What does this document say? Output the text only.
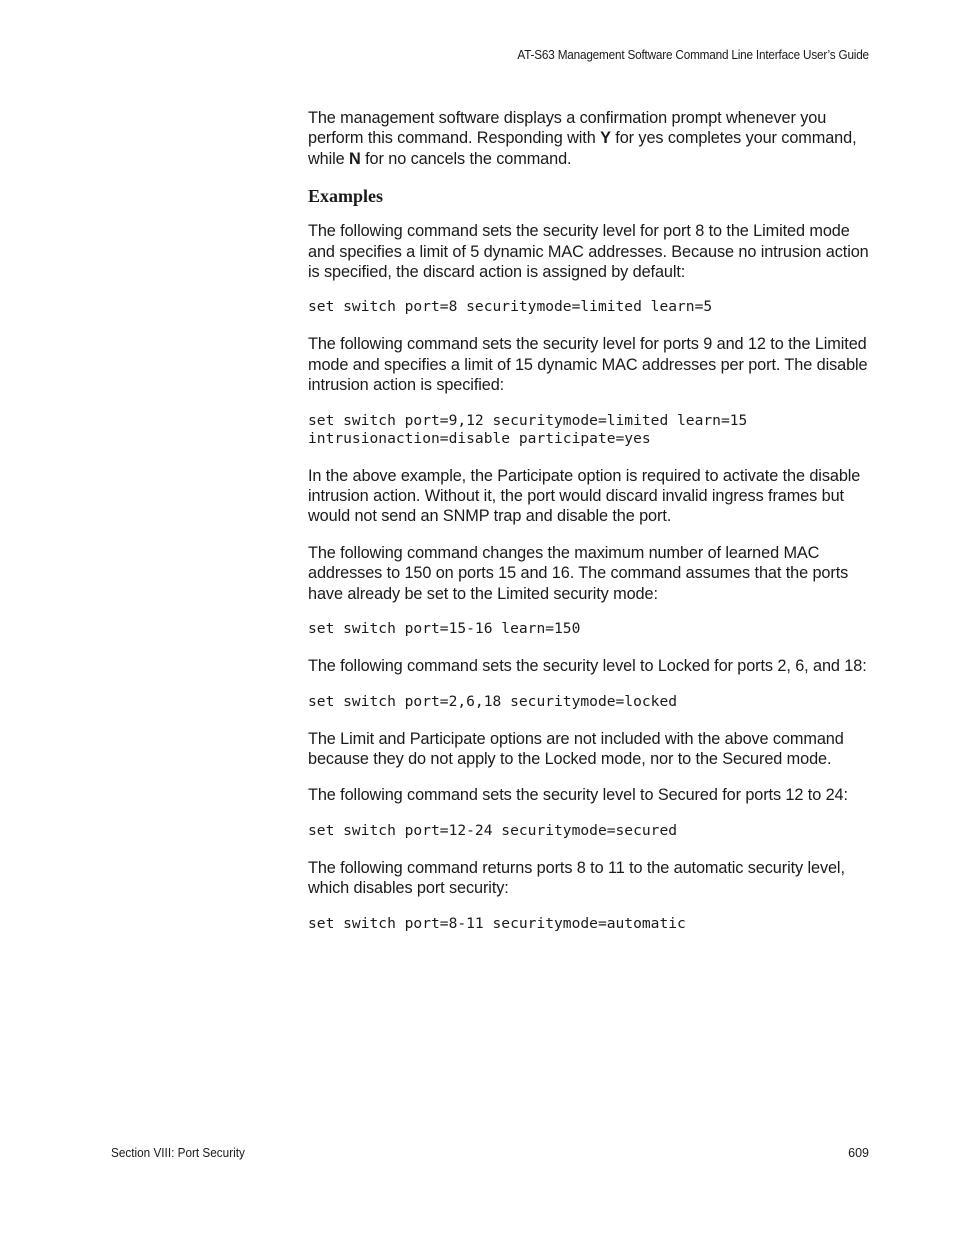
AT-S63 Management Software Command Line Interface User’s Guide

The management software displays a confirmation prompt whenever you perform this command. Responding with Y for yes completes your command, while N for no cancels the command.

Examples

The following command sets the security level for port 8 to the Limited mode and specifies a limit of 5 dynamic MAC addresses. Because no intrusion action is specified, the discard action is assigned by default:

set switch port=8 securitymode=limited learn=5

The following command sets the security level for ports 9 and 12 to the Limited mode and specifies a limit of 15 dynamic MAC addresses per port. The disable intrusion action is specified:

set switch port=9,12 securitymode=limited learn=15
intrusionaction=disable participate=yes

In the above example, the Participate option is required to activate the disable intrusion action. Without it, the port would discard invalid ingress frames but would not send an SNMP trap and disable the port.

The following command changes the maximum number of learned MAC addresses to 150 on ports 15 and 16. The command assumes that the ports have already be set to the Limited security mode:

set switch port=15-16 learn=150

The following command sets the security level to Locked for ports 2, 6, and 18:

set switch port=2,6,18 securitymode=locked

The Limit and Participate options are not included with the above command because they do not apply to the Locked mode, nor to the Secured mode.

The following command sets the security level to Secured for ports 12 to 24:

set switch port=12-24 securitymode=secured

The following command returns ports 8 to 11 to the automatic security level, which disables port security:

set switch port=8-11 securitymode=automatic
Section VIII: Port Security	609
